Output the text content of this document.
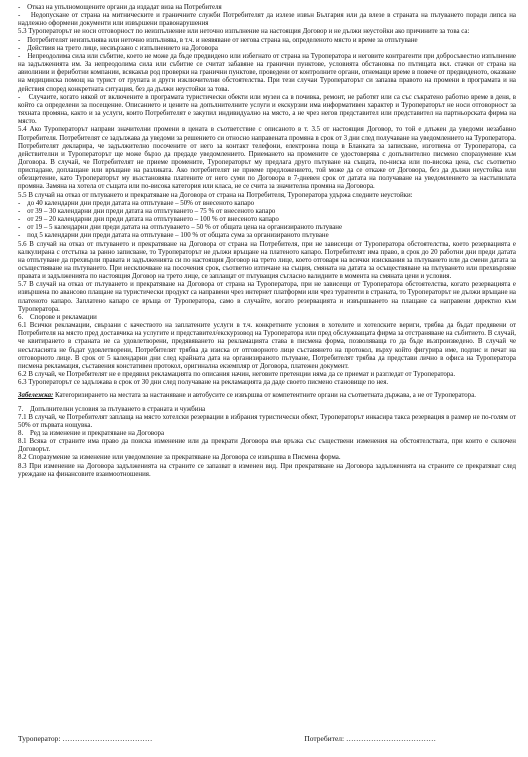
-    Отказ на упълномощените органи да издадат виза на Потребителя

-    Недопускане от страна на митническите и граничните служби Потребителят да излезе извън България или да влезе в страната на пътуването поради липса на надлежно оформени документи или извършени правонарушения

5.3 Туроператорът не носи отговорност по неизпълнение или неточно изпълнение на настоящия Договор и не дължи неустойки ако причините за това са:

-    Потребителят неизпълнява или неточно изпълнява, в т.ч. и неявяване от негова страна на, определеното място и време за отпътуване

-    Действия на трето лице, несвързано с изпълнението на Договора

-    Непреодолима сила или събитие, което не може да бъде предвидено или избегнато от страна на Туроператора и неговите контрагенти при добросъвестно изпълнение на задълженията им. За непреодолима сила или събитие се считат забавяне на гранични пунктове, условията обстановка по пътищата вкл. стачки от страна на авиолинии и фериботни компании, всякакъв род проверки на гранични пунктове, проведени от контролните органи, отнемащи време в повече от предвиденото, оказване на медицинска помощ на турист от групата и други изключителни обстоятелства. При тези случаи Туроператорът си запазва правото на промени в програмата и на действия според конкретната ситуация, без да дължи неустойки за това.

-    Случаите, когато някой от включените в програмата туристически обекти или музеи са в почивка, ремонт, не работят или са със съкратено работно време в деня, в който са определени за посещение. Описанието и цените на допълнителните услуги и екскурзии има информативен характер и Туроператорът не носи отговорност за тяхната промяна, както и за услуги, които Потребителят е закупил индивидуално на място, а не чрез негов представител или представител на партньорската фирма на място.

5.4 Ако Туроператорът направи значителни промени в цената в съответствие с описаното в т. 3.5 от настоящия Договор, то той е длъжен да уведоми незабавно Потребителя. Потребителят се задължава да уведоми за решението си относно направената промяна в срок от 3 дни след получаване на уведомлението на Туроператора. Потребителят декларира, че задължително посочените от него за контакт телефони, електронна поща в Бланката за записване, изготвена от Туроператора, са действителни и Туроператорът ще може бързо да предаде уведомлението. Приемането на промените се удостоверява с допълнително писмено споразумение към Договора. В случай, че Потребителят не приеме промените, Туроператорът му предлага друго пътуване на същата, по-ниска или по-висока цена, със съответно приспадане, доплащане или връщане на разликата. Ако потребителят не приеме предложението, той може да се откаже от Договора, без да дължи неустойка или обезщетение, като Туроператорът му възстановява платените от него суми по Договора в 7-дневен срок от датата на получаване на уведомлението за настъпилата промяна. Замяна на хотела от същата или по-висока категория или класа, не се счита за значителна промяна на Договора.

5.5 В случай на отказ от пътуването и прекратяване на Договора от страна на Потребителя, Туроператора удържа следните неустойки:

-    до 40 календарни дни преди датата на отпътуване – 50% от внесеното капаро

-    от 39 – 30 календарни дни преди датата на отпътуването – 75 % от внесеното капаро

-    от 29 – 20 календарни дни преди датата на отпътуването – 100 % от внесеното капаро

-    от 19 – 5 календарни дни преди датата на отпътуването – 50 % от общата цена на организираното пътуване

-    под 5 календарни дни преди датата на отпътуване – 100 % от общата сума за организираното пътуване

5.6 В случай на отказ от пътуването и прекратяване на Договора от страна на Потребителя, при не зависещи от Туроператора обстоятелства, което резервацията е калкулирана с отстъпка за ранно записване, то Туроператорът не дължи връщане на платеното капаро. Потребителят има право, в срок до 20 работни дни преди датата на отпътуване да прехвърли правата и задълженията си по настоящия Договор на трето лице, което отговаря на всички изисквания за пътуването или да смени датата за осъществяване на пътуването. При несключване на посочения срок, съответно изтичане на същия, смяната на датата за осъществяване на пътуването или прехвърляне правата и задълженията по настоящия Договор на трето лице, се заплащат от пътуващия съгласно валидните в момента на смяната цени и условия.

5.7 В случай на отказ от пътуването и прекратяване на Договора от страна на Туроператора, при не зависещи от Туроператора обстоятелства, когато резервацията е извършена по авансово плащане на туристически продукт са направени чрез интернет платформи или чрез туратенти в страната, то Туроператорът не дължи връщане на платеното капаро. Заплатено капаро се връща от Туроператора, само в случайте, когато резервацията и извършването на плащане са направени директно към Туроператора.

6.    Спорове и рекламации

6.1 Всички рекламации, свързани с качеството на заплатените услуги в т.ч. конкретните условия в хотелите и хотелските вериги, трябва да бъдат предявени от Потребителя на място пред доставчика на услугите и представител/екскурзовод на Туроператора или пред обслужващата фирма за отстраняване на събитието. В случай, че квитирането в страната не са удовлетворени, предявяването на рекламацията става в писмена форма, позволяваща го да бъде възпроизведено. В случай че несъгласията не бъдат удовлетворени, Потребителят трябва да изиска от отговорното лице съставянето на протокол, върху който фигурира име, подпис и печат на отговорното лице. В срок от 5 календарни дни след крайната дата на организираното пътуване, Потребителят трябва да представи лично в офиса на Туроператора писмена рекламация, съставения констативен протокол, оригинална екземпляр от Договора, платежен документ.

6.2 В случай, че Потребителят не е предявил рекламацията по описания начин, неговите претенции няма да се приемат и разгледат от Туроператора.

6.3 Туроператорът се задължава в срок от 30 дни след получаване на рекламацията да даде своето писмено становище по нея.

Забележка: Категоризирането на местата за настаняване и автобусите се извършва от компетентните органи на съответната държава, а не от Туроператора.

7.    Допълнителни условия за пътуването в страната и чужбина

7.1 В случай, че Потребителят заплаща на място хотелски резервации в избрания туристически обект, Туроператорът инкасира такса резервация в размер не по-голям от 50% от първата нощувка.

8.    Ред за изменение и прекратяване на Договора

8.1 Всяка от страните има право да поиска изменение или да прекрати Договора във връзка със съществени изменения на обстоятелствата, при които е сключен Договорът.

8.2 Споразумение за изменение или уведомление за прекратяване на Договора се извършва в Писмена форма.

8.3 При изменение на Договора задълженията на страните се запазват в изменен вид. При прекратяване на Договора задълженията на страните се прекратяват след уреждане на финансовите взаимоотношения.

Туроператор: ………………………………	Потребител: ………………………………
